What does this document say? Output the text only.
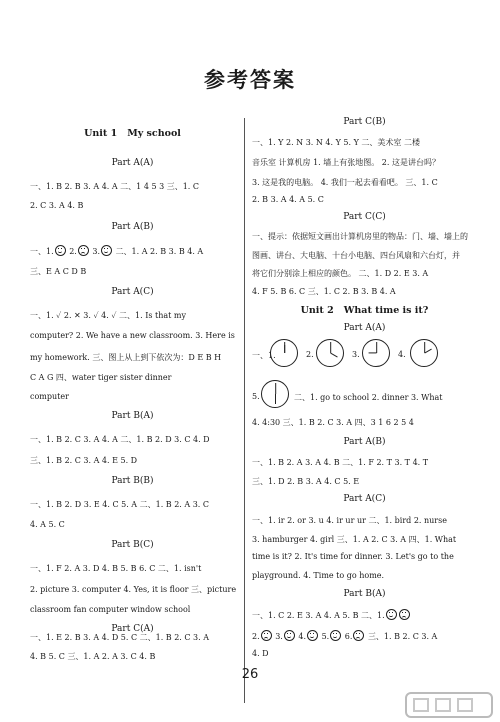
参考答案
Unit 1 My school
Part A(A)
一、1. B 2. B 3. A 4. A 二、1 4 5 3 三、1. C
2. C 3. A 4. B
Part A(B)
一、1. 2. 3. 二、1. A 2. B 3. B 4. A
三、E A C D B
Part A(C)
一、1. ✓ 2. ✕ 3. ✓ 4. ✓ 二、1. Is that my
computer? 2. We have a new classroom. 3. Here is
my homework. 三、图上从上到下依次为：D E B H
C A G 四、water tiger sister dinner
computer
Part B(A)
一、1. B 2. C 3. A 4. A 二、1. B 2. D 3. C 4. D
三、1. B 2. C 3. A 4. E 5. D
Part B(B)
一、1. B 2. D 3. E 4. C 5. A 二、1. B 2. A 3. C
4. A 5. C
Part B(C)
一、1. F 2. A 3. D 4. B 5. B 6. C 二、1. isn't
2. picture 3. computer 4. Yes, it is floor 三、picture
classroom fan computer window school
Part C(A)
一、1. E 2. B 3. A 4. D 5. C 二、1. B 2. C 3. A
4. B 5. C 三、1. A 2. A 3. C 4. B
Part C(B)
一、1. Y 2. N 3. N 4. Y 5. Y 二、美术室 二楼
音乐室 计算机房 1. 墙上有张地图。 2. 这是讲台吗？
3. 这是我的电脑。 4. 我们一起去看看吧。 三、1. C
2. B 3. A 4. A 5. C
Part C(C)
一、提示：依据短文画出计算机房里的物品：门、墙、墙上的
图画、讲台、大电脑、十台小电脑、四台风扇和六台灯，并
将它们分别涂上相应的颜色。 二、1. D 2. E 3. A
4. F 5. B 6. C 三、1. C 2. B 3. B 4. A
Unit 2 What time is it?
Part A(A)
一、1.	2.	3.	4.
5.	二、1. go to school 2. dinner 3. What
4. 4:30 三、1. B 2. C 3. A 四、3 1 6 2 5 4
Part A(B)
一、1. B 2. A 3. A 4. B 二、1. F 2. T 3. T 4. T
三、1. D 2. B 3. A 4. C 5. E
Part A(C)
一、1. ir 2. or 3. u 4. ir ur ur 二、1. bird 2. nurse
3. hamburger 4. girl 三、1. A 2. C 3. A 四、1. What
time is it? 2. It's time for dinner. 3. Let's go to the
playground. 4. Time to go home.
Part B(A)
一、1. C 2. E 3. A 4. A 5. B 二、1.
2. 3. 4. 5. 6. 三、1. B 2. C 3. A
4. D
26
